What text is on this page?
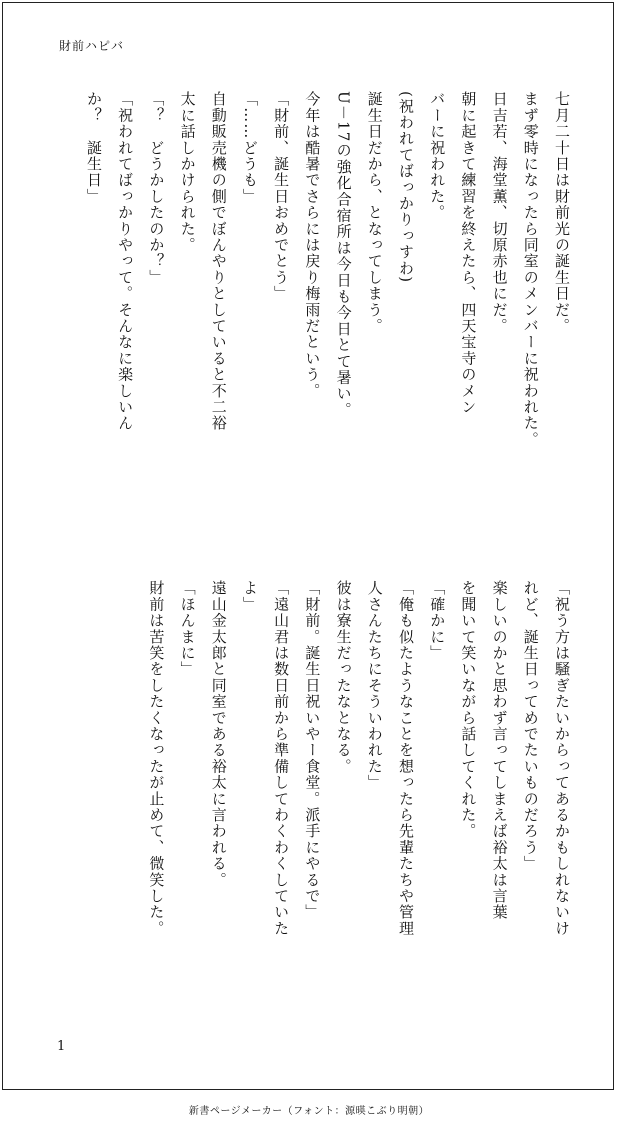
財前ハピバ

七月二十日は財前光の誕生日だ。

まず零時になったら同室のメンバーに祝われた。

日吉若、海堂薫、切原赤也にだ。

朝に起きて練習を終えたら、四天宝寺のメン

バーに祝われた。

(祝われてばっかりっすわ)

誕生日だから、となってしまう。

U－17の強化合宿所は今日も今日とて暑い。

今年は酷暑でさらには戻り梅雨だという。

「財前、誕生日おめでとう」

「……どうも」

自動販売機の側でぼんやりとしていると不二裕

太に話しかけられた。

「？　どうかしたのか？」

「祝われてばっかりやって。そんなに楽しいん

か？　誕生日」

「祝う方は騒ぎたいからってあるかもしれないけ

れど、誕生日ってめでたいものだろう」

楽しいのかと思わず言ってしまえば裕太は言葉

を聞いて笑いながら話してくれた。

「確かに」

「俺も似たようなことを想ったら先輩たちや管理

人さんたちにそういわれた」

彼は寮生だったなとなる。

「財前。誕生日祝いやー食堂。派手にやるで」

「遠山君は数日前から準備してわくわくしていた

よ」

遠山金太郎と同室である裕太に言われる。

「ほんまに」

財前は苦笑をしたくなったが止めて、微笑した。

1
新書ページメーカー（フォント：源暎こぶり明朝）
